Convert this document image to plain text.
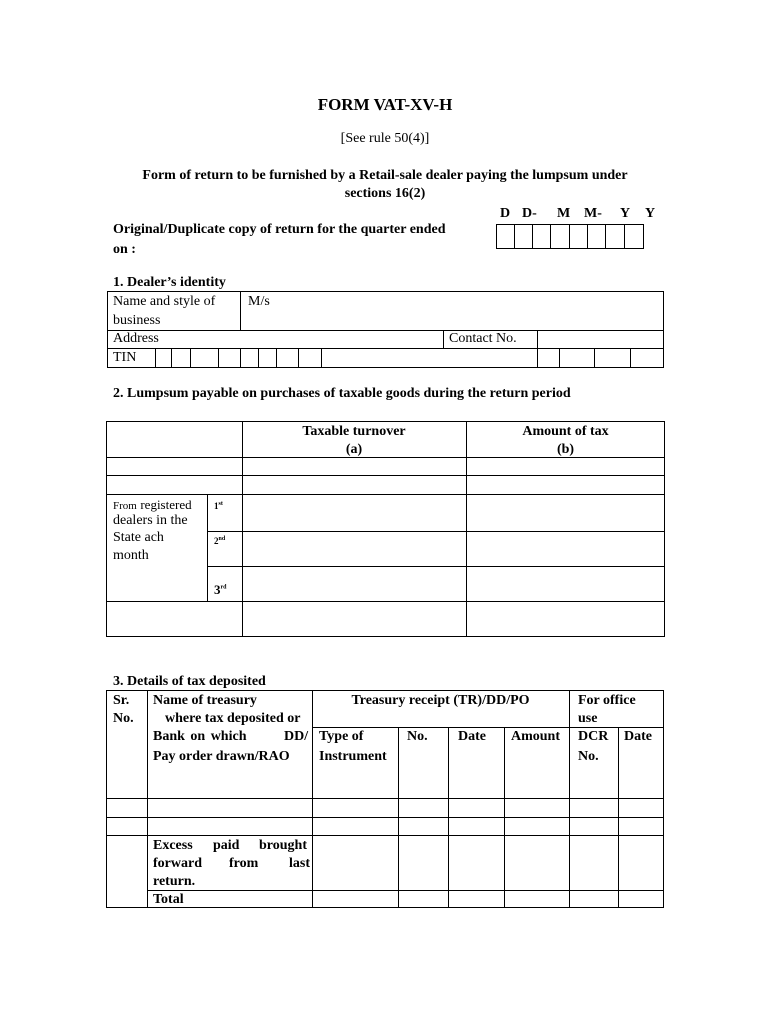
FORM VAT-XV-H
[See rule 50(4)]
Form of return to be furnished by a Retail-sale dealer paying the lumpsum under
sections 16(2)
Original/Duplicate copy of return for the quarter ended
on :
D D- M M- Y Y
1. Dealer’s identity
Name and style of
business
M/s
Address	Contact No.
TIN
2. Lumpsum payable on purchases of taxable goods during the return period
Taxable turnover
(a)
Amount of tax
(b)
From registered
dealers in the
State ach
month
1st
2nd
3rd
3. Details of tax deposited
Sr.
No.
Name of treasury
where tax deposited or
Bank on which	DD/
Pay order drawn/RAO
Treasury receipt (TR)/DD/PO
Type of
Instrument
No. Date Amount
For office
use
DCR
No.
Date
Excess paid brought
forward from last
return.
Total
